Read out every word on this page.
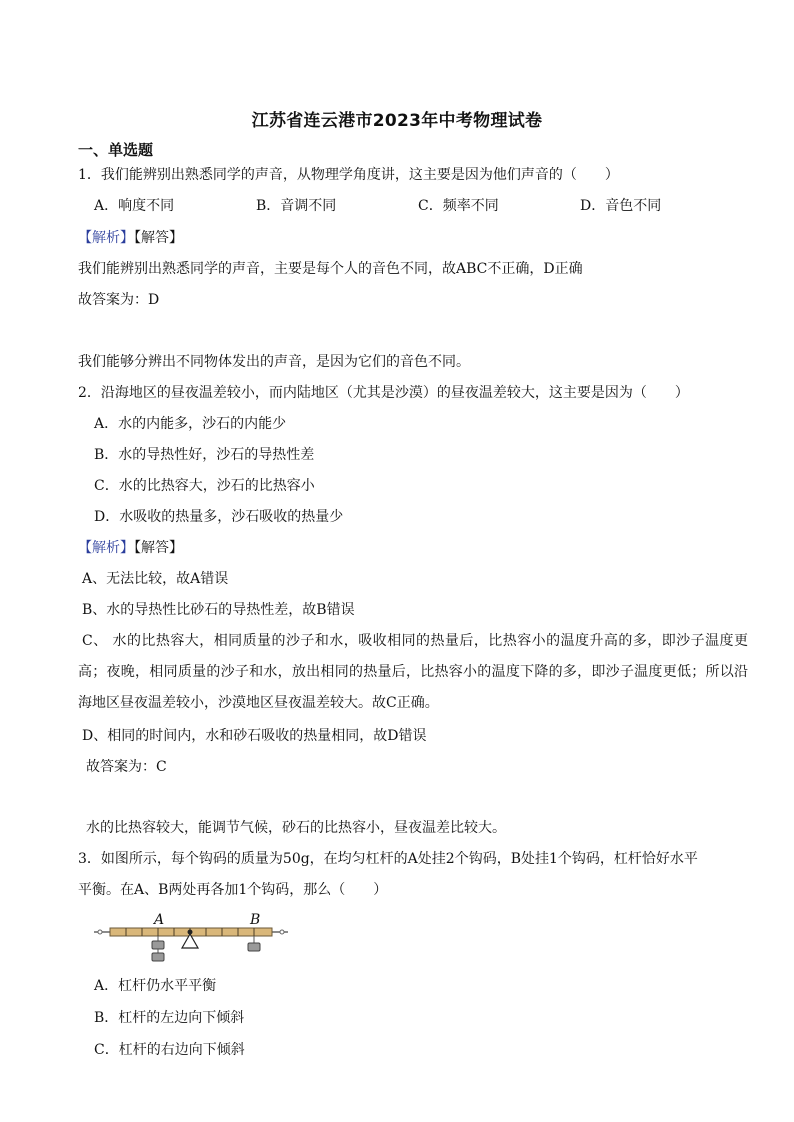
江苏省连云港市2023年中考物理试卷
一、单选题
1．我们能辨别出熟悉同学的声音，从物理学角度讲，这主要是因为他们声音的（　　）
A．响度不同	B．音调不同	C．频率不同	D．音色不同
【解析】【解答】
我们能辨别出熟悉同学的声音，主要是每个人的音色不同，故ABC不正确，D正确
故答案为：D
我们能够分辨出不同物体发出的声音，是因为它们的音色不同。
2．沿海地区的昼夜温差较小，而内陆地区（尤其是沙漠）的昼夜温差较大，这主要是因为（　　）
A．水的内能多，沙石的内能少
B．水的导热性好，沙石的导热性差
C．水的比热容大，沙石的比热容小
D．水吸收的热量多，沙石吸收的热量少
【解析】【解答】
A、无法比较，故A错误
B、水的导热性比砂石的导热性差，故B错误
C、 水的比热容大，相同质量的沙子和水，吸收相同的热量后，比热容小的温度升高的多，即沙子温度更高；夜晚，相同质量的沙子和水，放出相同的热量后，比热容小的温度下降的多，即沙子温度更低；所以沿海地区昼夜温差较小，沙漠地区昼夜温差较大。故C正确。
D、相同的时间内，水和砂石吸收的热量相同，故D错误
故答案为：C
水的比热容较大，能调节气候，砂石的比热容小，昼夜温差比较大。
3．如图所示，每个钩码的质量为50g，在均匀杠杆的A处挂2个钩码，B处挂1个钩码，杠杆恰好水平
平衡。在A、B两处再各加1个钩码，那么（　　）
A	B
A．杠杆仍水平平衡
B．杠杆的左边向下倾斜
C．杠杆的右边向下倾斜
